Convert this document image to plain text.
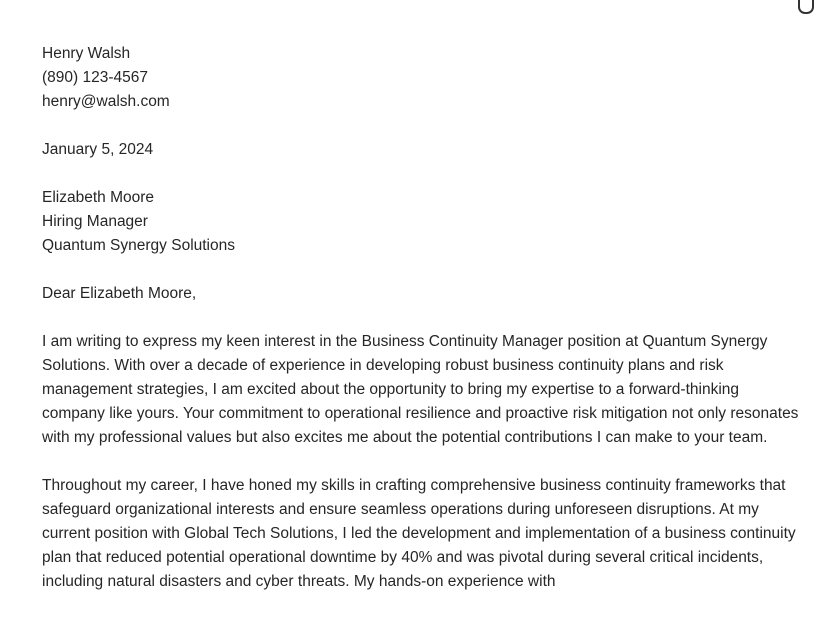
Henry Walsh
(890) 123-4567
henry@walsh.com
January 5, 2024
Elizabeth Moore
Hiring Manager
Quantum Synergy Solutions
Dear Elizabeth Moore,

I am writing to express my keen interest in the Business Continuity Manager position at Quantum Synergy Solutions. With over a decade of experience in developing robust business continuity plans and risk management strategies, I am excited about the opportunity to bring my expertise to a forward-thinking company like yours. Your commitment to operational resilience and proactive risk mitigation not only resonates with my professional values but also excites me about the potential contributions I can make to your team.

Throughout my career, I have honed my skills in crafting comprehensive business continuity frameworks that safeguard organizational interests and ensure seamless operations during unforeseen disruptions. At my current position with Global Tech Solutions, I led the development and implementation of a business continuity plan that reduced potential operational downtime by 40% and was pivotal during several critical incidents, including natural disasters and cyber threats. My hands-on experience with
